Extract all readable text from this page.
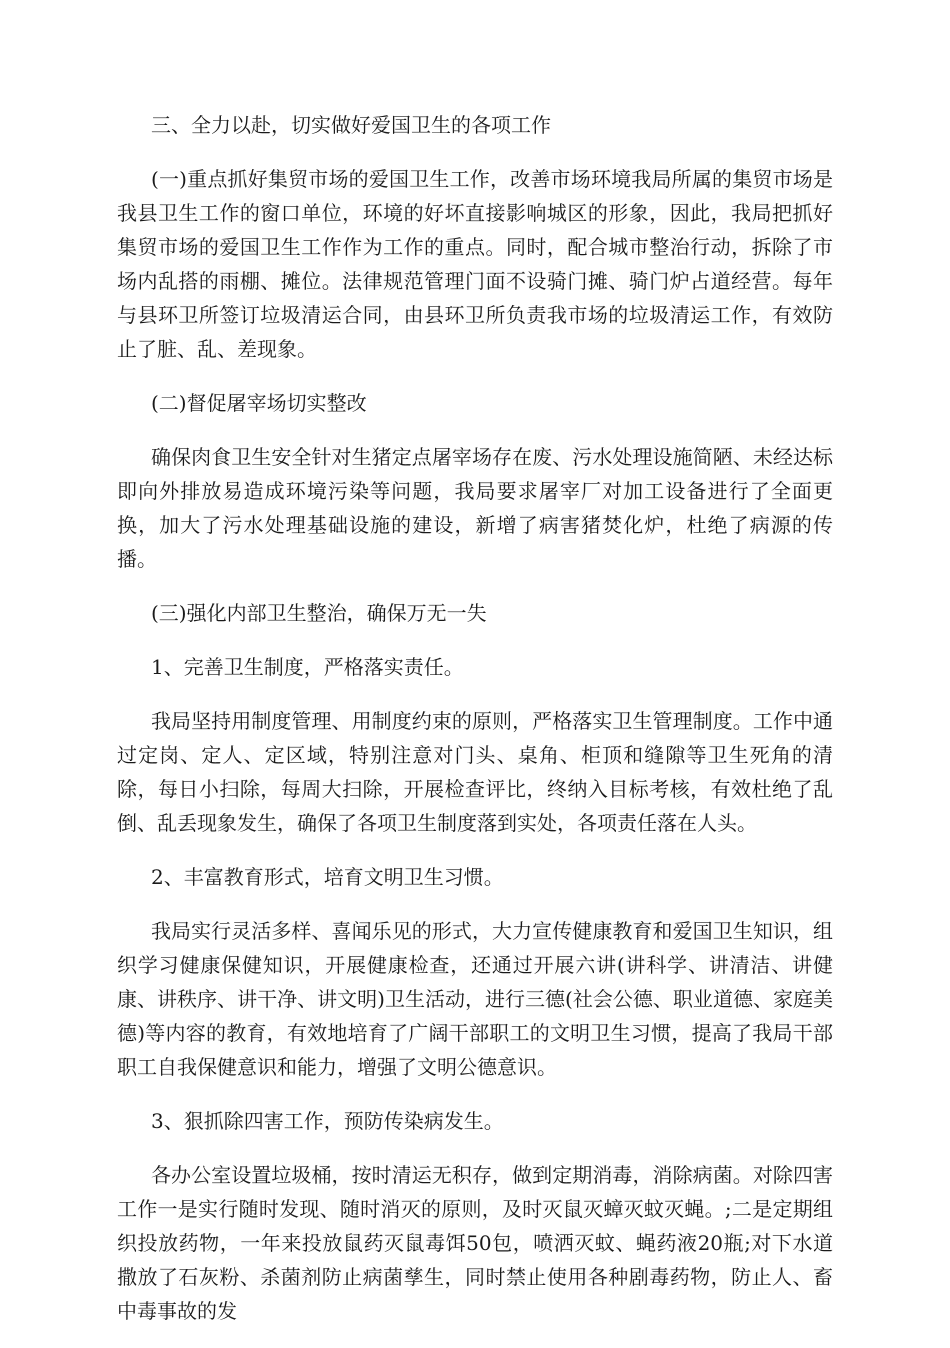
三、全力以赴，切实做好爱国卫生的各项工作

(一)重点抓好集贸市场的爱国卫生工作，改善市场环境我局所属的集贸市场是我县卫生工作的窗口单位，环境的好坏直接影响城区的形象，因此，我局把抓好集贸市场的爱国卫生工作作为工作的重点。同时，配合城市整治行动，拆除了市场内乱搭的雨棚、摊位。法律规范管理门面不设骑门摊、骑门炉占道经营。每年与县环卫所签订垃圾清运合同，由县环卫所负责我市场的垃圾清运工作，有效防止了脏、乱、差现象。

(二)督促屠宰场切实整改

确保肉食卫生安全针对生猪定点屠宰场存在废、污水处理设施简陋、未经达标即向外排放易造成环境污染等问题，我局要求屠宰厂对加工设备进行了全面更换，加大了污水处理基础设施的建设，新增了病害猪焚化炉，杜绝了病源的传播。

(三)强化内部卫生整治，确保万无一失

1、完善卫生制度，严格落实责任。

我局坚持用制度管理、用制度约束的原则，严格落实卫生管理制度。工作中通过定岗、定人、定区域，特别注意对门头、桌角、柜顶和缝隙等卫生死角的清除，每日小扫除，每周大扫除，开展检查评比，终纳入目标考核，有效杜绝了乱倒、乱丢现象发生，确保了各项卫生制度落到实处，各项责任落在人头。

2、丰富教育形式，培育文明卫生习惯。

我局实行灵活多样、喜闻乐见的形式，大力宣传健康教育和爱国卫生知识，组织学习健康保健知识，开展健康检查，还通过开展六讲(讲科学、讲清洁、讲健康、讲秩序、讲干净、讲文明)卫生活动，进行三德(社会公德、职业道德、家庭美德)等内容的教育，有效地培育了广阔干部职工的文明卫生习惯，提高了我局干部职工自我保健意识和能力，增强了文明公德意识。

3、狠抓除四害工作，预防传染病发生。

各办公室设置垃圾桶，按时清运无积存，做到定期消毒，消除病菌。对除四害工作一是实行随时发现、随时消灭的原则，及时灭鼠灭蟑灭蚊灭蝇。;二是定期组织投放药物，一年来投放鼠药灭鼠毒饵50包，喷洒灭蚊、蝇药液20瓶;对下水道撒放了石灰粉、杀菌剂防止病菌孳生，同时禁止使用各种剧毒药物，防止人、畜中毒事故的发
